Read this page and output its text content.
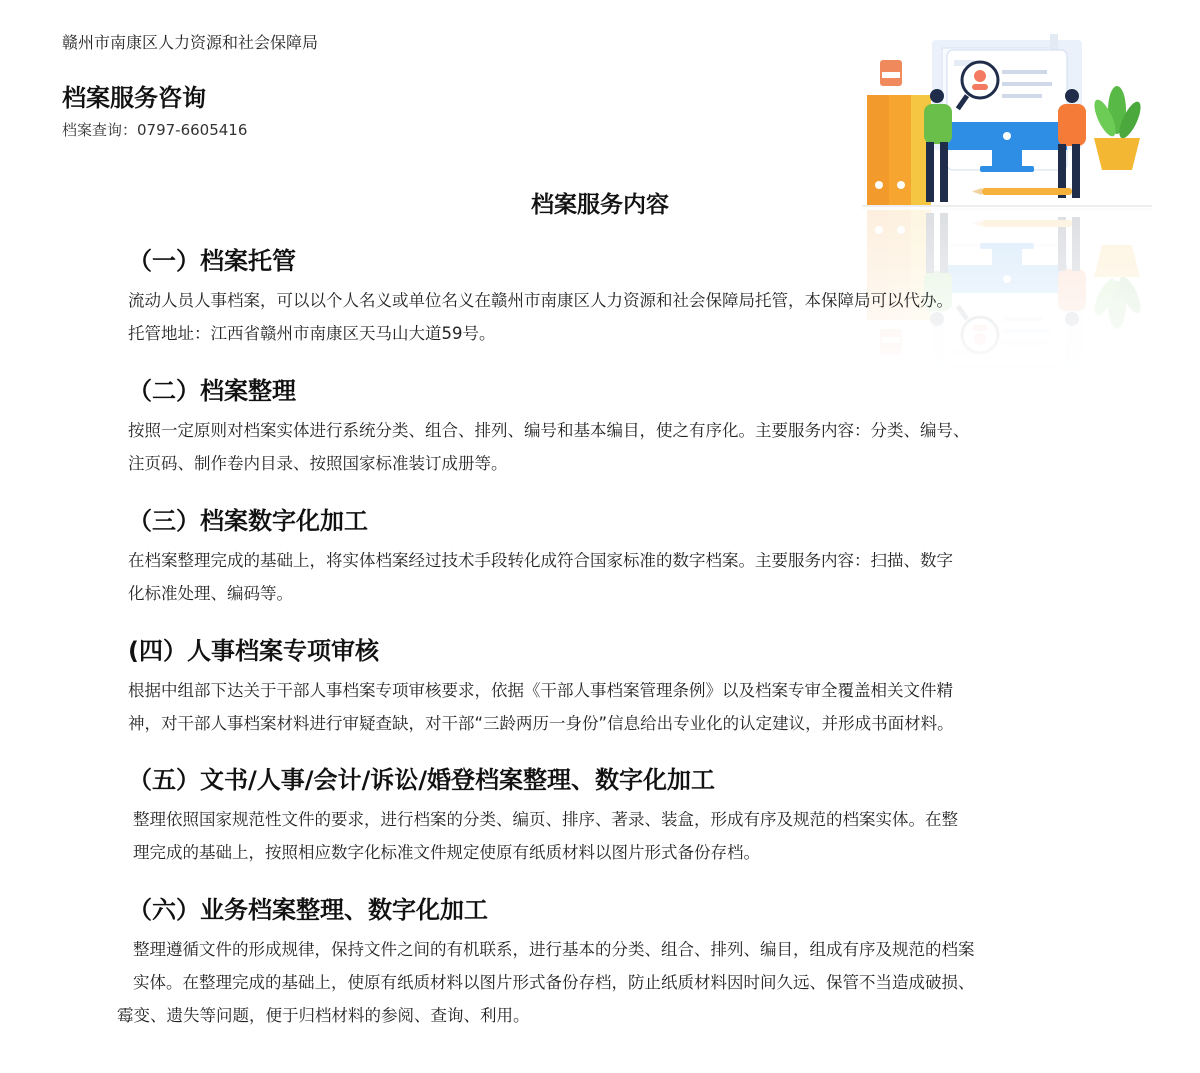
赣州市南康区人力资源和社会保障局
档案服务咨询
档案查询：0797-6605416
档案服务内容
（一）档案托管

流动人员人事档案，可以以个人名义或单位名义在赣州市南康区人力资源和社会保障局托管，本保障局可以代办。
托管地址：江西省赣州市南康区天马山大道59号。

（二）档案整理

按照一定原则对档案实体进行系统分类、组合、排列、编号和基本编目，使之有序化。主要服务内容：分类、编号、
注页码、制作卷内目录、按照国家标准装订成册等。

（三）档案数字化加工

在档案整理完成的基础上，将实体档案经过技术手段转化成符合国家标准的数字档案。主要服务内容：扫描、数字
化标准处理、编码等。

(四）人事档案专项审核

根据中组部下达关于干部人事档案专项审核要求，依据《干部人事档案管理条例》以及档案专审全覆盖相关文件精
神，对干部人事档案材料进行审疑查缺，对干部“三龄两历一身份”信息给出专业化的认定建议，并形成书面材料。

（五）文书/人事/会计/诉讼/婚登档案整理、数字化加工

整理依照国家规范性文件的要求，进行档案的分类、编页、排序、著录、装盒，形成有序及规范的档案实体。在整
理完成的基础上，按照相应数字化标准文件规定使原有纸质材料以图片形式备份存档。

（六）业务档案整理、数字化加工

整理遵循文件的形成规律，保持文件之间的有机联系，进行基本的分类、组合、排列、编目，组成有序及规范的档案
实体。在整理完成的基础上，使原有纸质材料以图片形式备份存档，防止纸质材料因时间久远、保管不当造成破损、
霉变、遗失等问题，便于归档材料的参阅、查询、利用。
